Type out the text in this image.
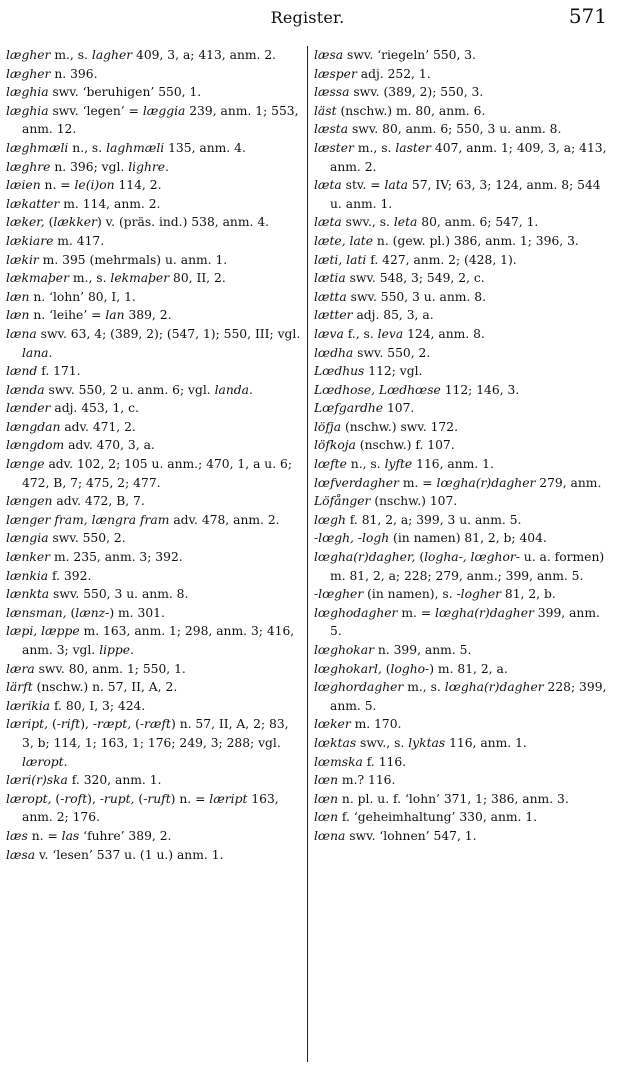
Register.	571

lægher m., s. lagher 409, 3, a; 413, anm. 2.

lægher n. 396.

læghia swv. ‘beruhigen’ 550, 1.

læghia swv. ‘legen’ = læggia 239, anm. 1; 553, anm. 12.

læghmæli n., s. laghmæli 135, anm. 4.

læghre n. 396; vgl. lighre.

læien n. = le(i)on 114, 2.

lækatter m. 114, anm. 2.

læker, (lækker) v. (präs. ind.) 538, anm. 4.

lækiare m. 417.

lækir m. 395 (mehrmals) u. anm. 1.

lækmaþer m., s. lekmaþer 80, II, 2.

læn n. ‘lohn’ 80, I, 1.

læn n. ‘leihe’ = lan 389, 2.

læna swv. 63, 4; (389, 2); (547, 1); 550, III; vgl. lana.

lænd f. 171.

lænda swv. 550, 2 u. anm. 6; vgl. landa.

lænder adj. 453, 1, c.

længdan adv. 471, 2.

længdom adv. 470, 3, a.

længe adv. 102, 2; 105 u. anm.; 470, 1, a u. 6; 472, B, 7; 475, 2; 477.

længen adv. 472, B, 7.

længer fram, længra fram adv. 478, anm. 2.

længia swv. 550, 2.

lænker m. 235, anm. 3; 392.

lænkia f. 392.

lænkta swv. 550, 3 u. anm. 8.

lænsman, (lænz-) m. 301.

læpi, læppe m. 163, anm. 1; 298, anm. 3; 416, anm. 3; vgl. lippe.

læra swv. 80, anm. 1; 550, 1.

lärft (nschw.) n. 57, II, A, 2.

lærikia f. 80, I, 3; 424.

læript, (-rift), -ræpt, (-ræft) n. 57, II, A, 2; 83, 3, b; 114, 1; 163, 1; 176; 249, 3; 288; vgl. læropt.

læri(r)ska f. 320, anm. 1.

læropt, (-roft), -rupt, (-ruft) n. = læript 163, anm. 2; 176.

læs n. = las ‘fuhre’ 389, 2.

læsa v. ‘lesen’ 537 u. (1 u.) anm. 1.

læsa swv. ‘riegeln’ 550, 3.

læsper adj. 252, 1.

læssa swv. (389, 2); 550, 3.

läst (nschw.) m. 80, anm. 6.

læsta swv. 80, anm. 6; 550, 3 u. anm. 8.

læster m., s. laster 407, anm. 1; 409, 3, a; 413, anm. 2.

læta stv. = lata 57, IV; 63, 3; 124, anm. 8; 544 u. anm. 1.

læta swv., s. leta 80, anm. 6; 547, 1.

læte, late n. (gew. pl.) 386, anm. 1; 396, 3.

læti, lati f. 427, anm. 2; (428, 1).

lætia swv. 548, 3; 549, 2, c.

lætta swv. 550, 3 u. anm. 8.

lætter adj. 85, 3, a.

læva f., s. leva 124, anm. 8.

lœdha swv. 550, 2.

Lœdhus 112; vgl.

Lœdhose, Lœdhœse 112; 146, 3.

Lœfgardhe 107.

löfja (nschw.) swv. 172.

löfkoja (nschw.) f. 107.

lœfte n., s. lyfte 116, anm. 1.

lœfverdagher m. = lœgha(r)dagher 279, anm.

Löfånger (nschw.) 107.

lœgh f. 81, 2, a; 399, 3 u. anm. 5.

-lœgh, -logh (in namen) 81, 2, b; 404.

lœgha(r)dagher, (logha-, lœghor- u. a. formen) m. 81, 2, a; 228; 279, anm.; 399, anm. 5.

-lœgher (in namen), s. -logher 81, 2, b.

lœghodagher m. = lœgha(r)dagher 399, anm. 5.

lœghokar n. 399, anm. 5.

lœghokarl, (logho-) m. 81, 2, a.

lœghordagher m., s. lœgha(r)dagher 228; 399, anm. 5.

lœker m. 170.

lœktas swv., s. lyktas 116, anm. 1.

lœmska f. 116.

lœn m.? 116.

lœn n. pl. u. f. ‘lohn’ 371, 1; 386, anm. 3.

lœn f. ‘geheimhaltung’ 330, anm. 1.

lœna swv. ‘lohnen’ 547, 1.
